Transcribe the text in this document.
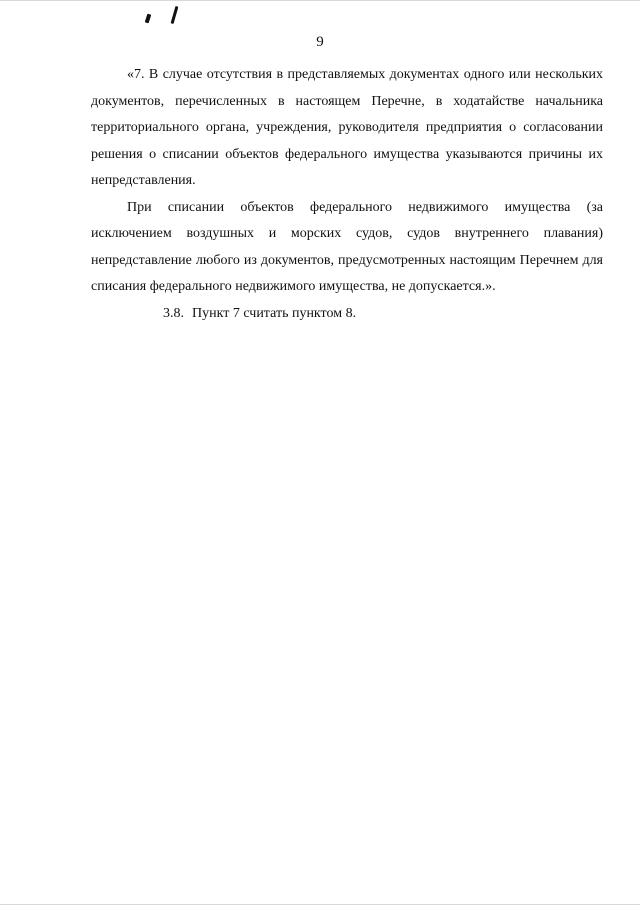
9

«7. В случае отсутствия в представляемых документах одного или нескольких документов, перечисленных в настоящем Перечне, в ходатайстве начальника территориального органа, учреждения, руководителя предприятия о согласовании решения о списании объектов федерального имущества указываются причины их непредставления.

При списании объектов федерального недвижимого имущества (за исключением воздушных и морских судов, судов внутреннего плавания) непредставление любого из документов, предусмотренных настоящим Перечнем для списания федерального недвижимого имущества, не допускается.».

3.8. Пункт 7 считать пунктом 8.
